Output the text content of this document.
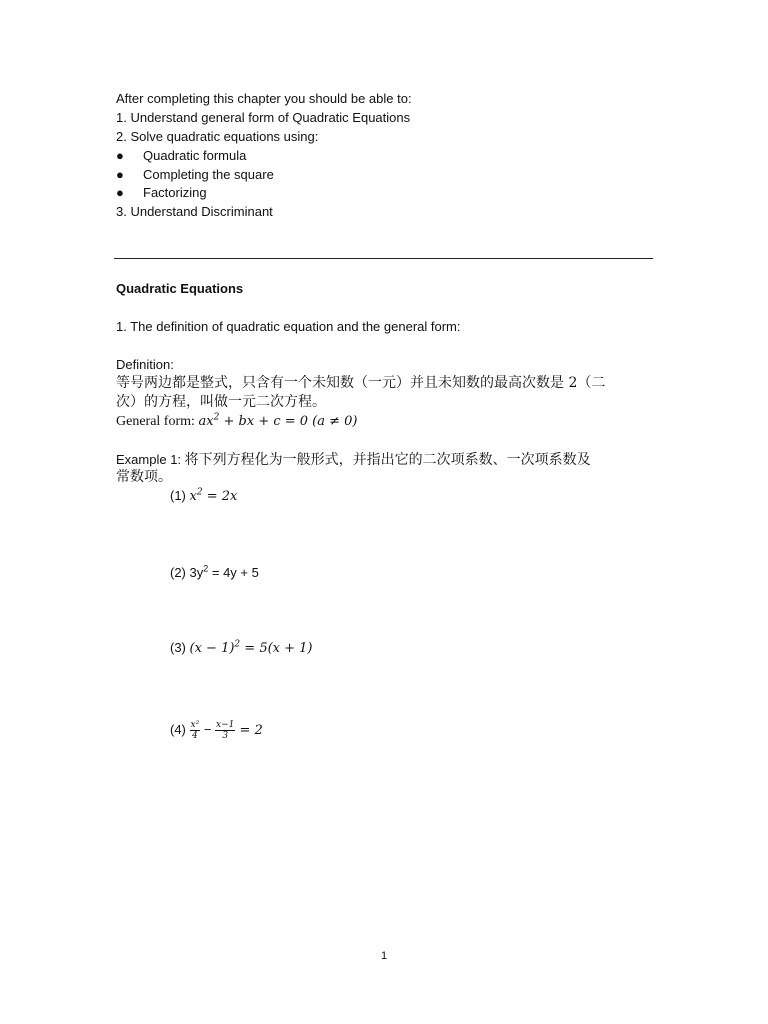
After completing this chapter you should be able to:
1. Understand general form of Quadratic Equations
2. Solve quadratic equations using:
● Quadratic formula
● Completing the square
● Factorizing
3. Understand Discriminant
Quadratic Equations
1. The definition of quadratic equation and the general form:
Definition:
等号两边都是整式，只含有一个未知数（一元）并且未知数的最高次数是 2（二
次）的方程，叫做一元二次方程。
General form: $ax^2$ + bx + c = 0 (a ≠ 0)
Example 1: 将下列方程化为一般形式，并指出它的二次项系数、一次项系数及
常数项。
(1) $x^2 = 2x$
(2) $3y^2 = 4y + 5$
(3) $(x - 1)^2 = 5(x + 1)$
$(4) \frac{\text{x²}}{4} - \frac{x-1}{3} = 2$
1
